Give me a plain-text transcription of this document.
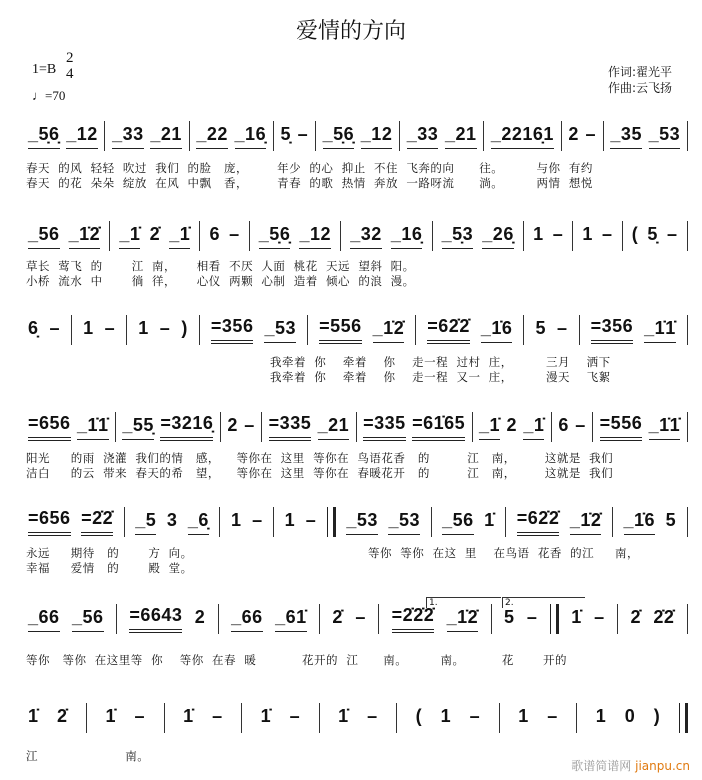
爱情的方向
1=B
2
4
♩=70
作词:翟光平
作曲:云飞扬
_5̣6̣ _12 _33 _21 _22 _16̣ 5̣ – _5̣6̣ _12 _33 _21 _2216̣1 2 – _35 _53
_56 _1̇2̇ _1̇ 2̇ _1̇ 6 – _5̣6̣ _12 _32 _16̣ _5̣3 _26̣ 1 – 1 – ( 5̣ –
6̣ – 1 – 1 – ) =356 _53 =556 _1̇2̇ =62̇2̇ _1̇6 5 – =356 _1̇1̇
=656 _1̇1̇ _55̣ =3216̣ 2 – =335 _21 =335 =61̇65 _1̇ 2 _1̇ 6 – =556 _1̇1̇
=656 =2̇2̇ _5 3 _6̣ 1 – 1 – _53 _53 _56 1̇ =62̇2̇ _1̇2̇ _1̇6 5
_66 _56 =6643 2 _66 _61̇ 2̇ – =2̇2̇2̇ _1̇2̇ 5 – 1̇ – 2̇ 2̇2̇
1̇ 2̇ 1̇ – 1̇ – 1̇ – 1̇ – ( 1 – 1 – 1 0 )
春天  的风  轻轻  吹过  我们  的脸   庞，       年少  的心  抑止  不住  飞奔的向      往。        与你  有约
春天  的花  朵朵  绽放  在风  中飘   香，       青春  的歌  热情  奔放  一路呀流      淌。        两情  想悦
草长  莺飞  的       江  南，     相看  不厌  人面  桃花  天远  望斜  阳。
小桥  流水  中       徜  徉，     心仪  两颗  心制  造着  倾心  的浪  漫。
我牵着  你    牵着    你    走一程  过村  庄，        三月    洒下
我牵着  你    牵着    你    走一程  又一  庄，        漫天    飞絮
阳光     的雨  浇灌  我们的情   感，    等你在  这里  等你在  鸟语花香   的         江   南，       这就是  我们
洁白     的云  带来  春天的希   望，    等你在  这里  等你在  春暖花开   的         江   南，       这就是  我们
永远     期待   的       方  向。
幸福     爱情   的       殿  堂。
等你  等你  在这  里    在鸟语  花香  的江     南，
等你   等你  在这里等  你    等你  在春  暖           花开的  江      南。        南。         花       开的
江                     南。
1.	2.
歌谱简谱网 jianpu.cn
